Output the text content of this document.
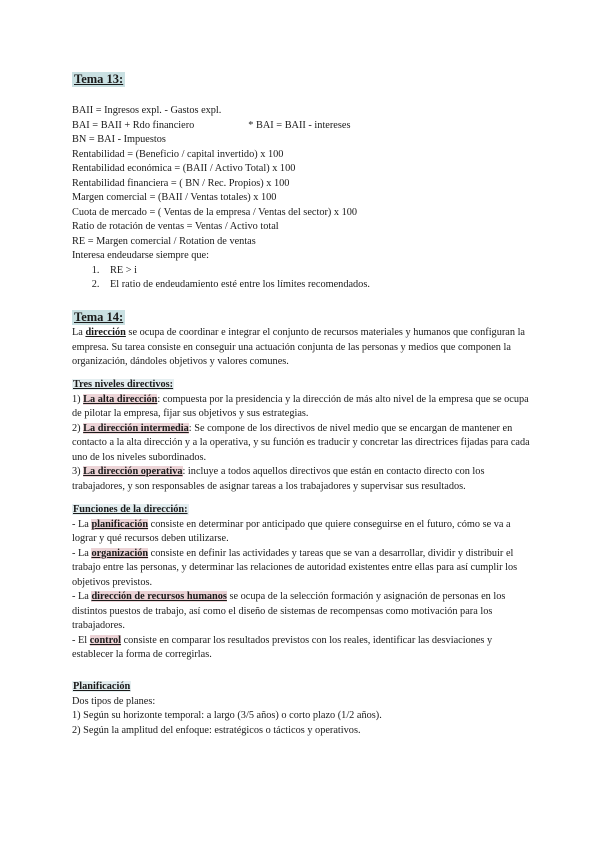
Tema 13:
BAII = Ingresos expl. - Gastos expl.
BAI = BAII + Rdo financiero	* BAI = BAII - intereses
BN = BAI - Impuestos
Rentabilidad = (Beneficio / capital invertido) x 100
Rentabilidad económica = (BAII / Activo Total) x 100
Rentabilidad financiera = ( BN / Rec. Propios) x 100
Margen comercial = (BAII / Ventas totales) x 100
Cuota de mercado = ( Ventas de la empresa / Ventas del sector) x 100
Ratio de rotación de ventas = Ventas / Activo total
RE = Margen comercial / Rotation de ventas
Interesa endeudarse siempre que:
1. RE > i
2. El ratio de endeudamiento esté entre los límites recomendados.
Tema 14:

La dirección se ocupa de coordinar e integrar el conjunto de recursos materiales y humanos que configuran la empresa. Su tarea consiste en conseguir una actuación conjunta de las personas y medios que componen la organización, dándoles objetivos y valores comunes.

Tres niveles directivos:

1) La alta dirección: compuesta por la presidencia y la dirección de más alto nivel de la empresa que se ocupa de pilotar la empresa, fijar sus objetivos y sus estrategias.

2) La dirección intermedia: Se compone de los directivos de nivel medio que se encargan de mantener en contacto a la alta dirección y a la operativa, y su función es traducir y concretar las directrices fijadas para cada uno de los niveles subordinados.

3) La dirección operativa: incluye a todos aquellos directivos que están en contacto directo con los trabajadores, y son responsables de asignar tareas a los trabajadores y supervisar sus resultados.

Funciones de la dirección:

- La planificación consiste en determinar por anticipado que quiere conseguirse en el futuro, cómo se va a lograr y qué recursos deben utilizarse.

- La organización consiste en definir las actividades y tareas que se van a desarrollar, dividir y distribuir el trabajo entre las personas, y determinar las relaciones de autoridad existentes entre ellas para así cumplir los objetivos previstos.

- La dirección de recursos humanos se ocupa de la selección formación y asignación de personas en los distintos puestos de trabajo, así como el diseño de sistemas de recompensas como motivación para los trabajadores.

- El control consiste en comparar los resultados previstos con los reales, identificar las desviaciones y establecer la forma de corregirlas.

Planificación
Dos tipos de planes:
1) Según su horizonte temporal: a largo (3/5 años) o corto plazo (1/2 años).
2) Según la amplitud del enfoque: estratégicos o tácticos y operativos.
